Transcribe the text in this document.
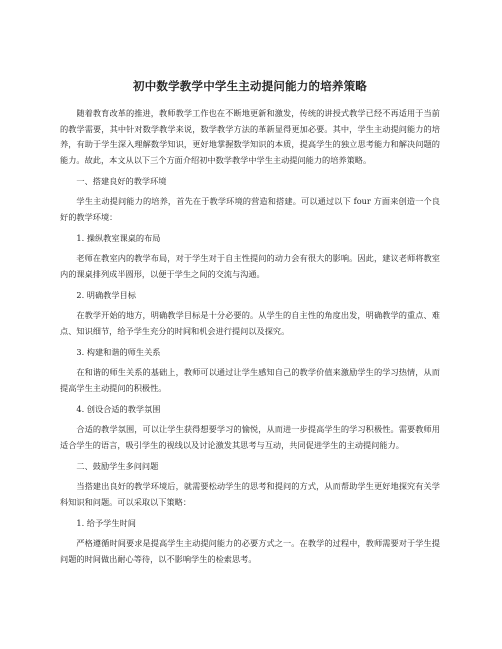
初中数学教学中学生主动提问能力的培养策略
随着教育改革的推进，教师教学工作也在不断地更新和激发，传统的讲授式教学已经不再适用于当前的教学需要，其中针对数学教学来说，数学教学方法的革新显得更加必要。其中，学生主动提问能力的培养，有助于学生深入理解数学知识，更好地掌握数学知识的本质，提高学生的独立思考能力和解决问题的能力。故此，本文从以下三个方面介绍初中数学教学中学生主动提问能力的培养策略。
一、搭建良好的教学环境
学生主动提问能力的培养，首先在于教学环境的营造和搭建。可以通过以下 four 方面来创造一个良好的教学环境：
1. 操纵教室课桌的布局
老师在教室内的教学布局，对于学生对于自主性提问的动力会有很大的影响。因此，建议老师将教室内的课桌排列成半圆形，以便于学生之间的交流与沟通。
2. 明确教学目标
在教学开始的地方，明确教学目标是十分必要的。从学生的自主性的角度出发，明确教学的重点、难点、知识细节，给予学生充分的时间和机会进行提问以及探究。
3. 构建和谐的师生关系
在和谐的师生关系的基础上，教师可以通过让学生感知自己的教学价值来激励学生的学习热情，从而提高学生主动提问的积极性。
4. 创设合适的教学氛围
合适的教学氛围，可以让学生获得想要学习的愉悦，从而进一步提高学生的学习积极性。需要教师用适合学生的语言，吸引学生的视线以及讨论激发其思考与互动，共同促进学生的主动提问能力。
二、鼓励学生多问问题
当搭建出良好的教学环境后，就需要松动学生的思考和提问的方式，从而帮助学生更好地探究有关学科知识和问题。可以采取以下策略：
1. 给予学生时间
严格遵循时间要求是提高学生主动提问能力的必要方式之一。在教学的过程中，教师需要对于学生提问题的时间做出耐心等待，以不影响学生的检索思考。
